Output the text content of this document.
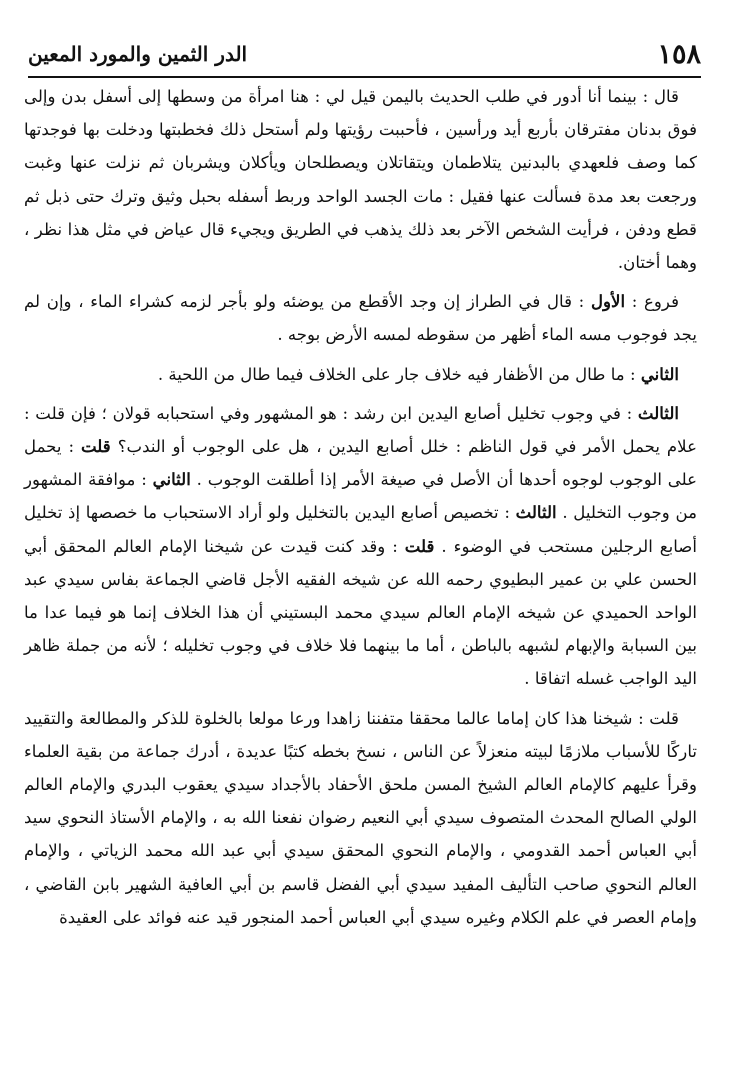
١٥٨
الدر الثمين والمورد المعين

قال : بينما أنا أدور في طلب الحديث باليمن قيل لي : هنا امرأة من وسطها إلى أسفل بدن وإلى فوق بدنان مفترقان بأربع أيد ورأسين ، فأحببت رؤيتها ولم أستحل ذلك فخطبتها ودخلت بها فوجدتها كما وصف فلعهدي بالبدنين يتلاطمان ويتقاتلان ويصطلحان ويأكلان ويشربان ثم نزلت عنها وغبت ورجعت بعد مدة فسألت عنها فقيل : مات الجسد الواحد وربط أسفله بحبل وثيق وترك حتى ذبل ثم قطع ودفن ، فرأيت الشخص الآخر بعد ذلك يذهب في الطريق ويجيء قال عياض في مثل هذا نظر ، وهما أختان.

فروع : الأول : قال في الطراز إن وجد الأقطع من يوضئه ولو بأجر لزمه كشراء الماء ، وإن لم يجد فوجوب مسه الماء أظهر من سقوطه لمسه الأرض بوجه .

الثاني : ما طال من الأظفار فيه خلاف جار على الخلاف فيما طال من اللحية .

الثالث : في وجوب تخليل أصابع اليدين ابن رشد : هو المشهور وفي استحبابه قولان ؛ فإن قلت : علام يحمل الأمر في قول الناظم : خلل أصابع اليدين ، هل على الوجوب أو الندب؟ قلت : يحمل على الوجوب لوجوه أحدها أن الأصل في صيغة الأمر إذا أطلقت الوجوب . الثاني : موافقة المشهور من وجوب التخليل . الثالث : تخصيص أصابع اليدين بالتخليل ولو أراد الاستحباب ما خصصها إذ تخليل أصابع الرجلين مستحب في الوضوء . قلت : وقد كنت قيدت عن شيخنا الإمام العالم المحقق أبي الحسن علي بن عمير البطيوي رحمه الله عن شيخه الفقيه الأجل قاضي الجماعة بفاس سيدي عبد الواحد الحميدي عن شيخه الإمام العالم سيدي محمد البستيني أن هذا الخلاف إنما هو فيما عدا ما بين السبابة والإبهام لشبهه بالباطن ، أما ما بينهما فلا خلاف في وجوب تخليله ؛ لأنه من جملة ظاهر اليد الواجب غسله اتفاقا .

قلت : شيخنا هذا كان إماما عالما محققا متفننا زاهدا ورعا مولعا بالخلوة للذكر والمطالعة والتقييد تاركًا للأسباب ملازمًا لبيته منعزلاً عن الناس ، نسخ بخطه كتبًا عديدة ، أدرك جماعة من بقية العلماء وقرأ عليهم كالإمام العالم الشيخ المسن ملحق الأحفاد بالأجداد سيدي يعقوب البدري والإمام العالم الولي الصالح المحدث المتصوف سيدي أبي النعيم رضوان نفعنا الله به ، والإمام الأستاذ النحوي سيد أبي العباس أحمد القدومي ، والإمام النحوي المحقق سيدي أبي عبد الله محمد الزياتي ، والإمام العالم النحوي صاحب التأليف المفيد سيدي أبي الفضل قاسم بن أبي العافية الشهير بابن القاضي ، وإمام العصر في علم الكلام وغيره سيدي أبي العباس أحمد المنجور قيد عنه فوائد على العقيدة
